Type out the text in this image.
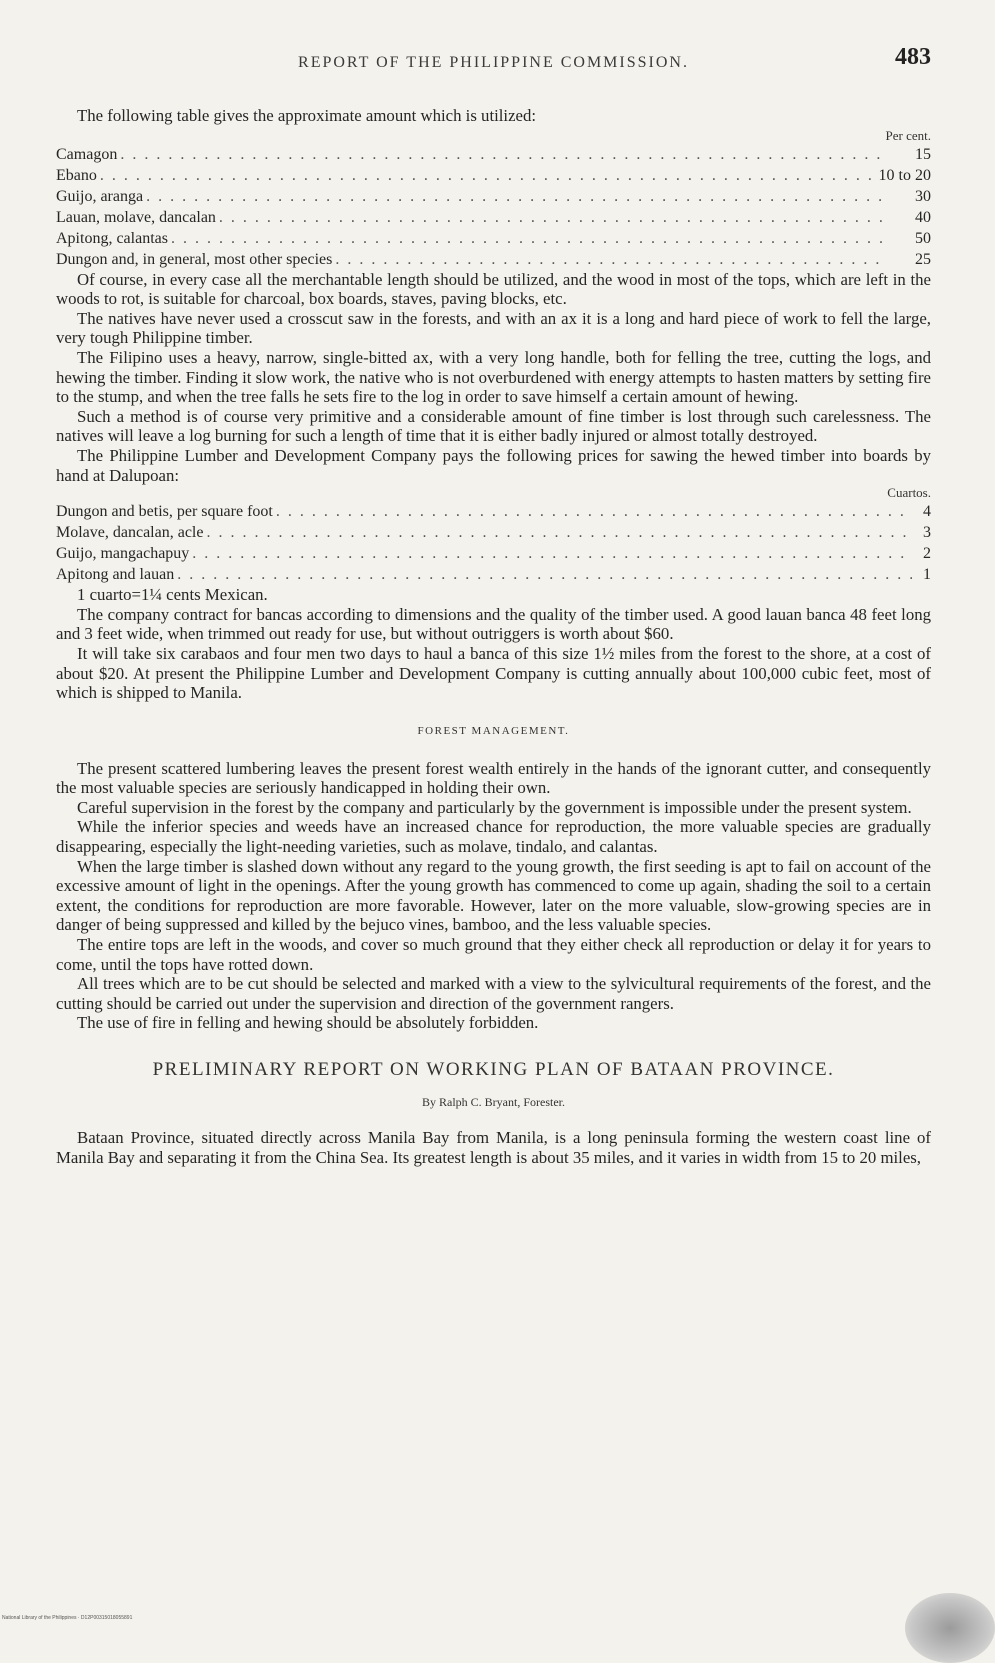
REPORT OF THE PHILIPPINE COMMISSION.	483

The following table gives the approximate amount which is utilized:

Per cent.
Camagon . . .	15
Ebano . . .	10 to 20
Guijo, aranga . . .	30
Lauan, molave, dancalan . . .	40
Apitong, calantas . . .	50
Dungon and, in general, most other species . . .	25

Of course, in every case all the merchantable length should be utilized, and the wood in most of the tops, which are left in the woods to rot, is suitable for charcoal, box boards, staves, paving blocks, etc.

The natives have never used a crosscut saw in the forests, and with an ax it is a long and hard piece of work to fell the large, very tough Philippine timber.

The Filipino uses a heavy, narrow, single-bitted ax, with a very long handle, both for felling the tree, cutting the logs, and hewing the timber. Finding it slow work, the native who is not overburdened with energy attempts to hasten matters by setting fire to the stump, and when the tree falls he sets fire to the log in order to save himself a certain amount of hewing.

Such a method is of course very primitive and a considerable amount of fine timber is lost through such carelessness. The natives will leave a log burning for such a length of time that it is either badly injured or almost totally destroyed.

The Philippine Lumber and Development Company pays the following prices for sawing the hewed timber into boards by hand at Dalupoan:

Cuartos.
Dungon and betis, per square foot . . .	4
Molave, dancalan, acle . . .	3
Guijo, mangachapuy . . .	2
Apitong and lauan . . .	1

1 cuarto=1¼ cents Mexican.

The company contract for bancas according to dimensions and the quality of the timber used. A good lauan banca 48 feet long and 3 feet wide, when trimmed out ready for use, but without outriggers is worth about $60.

It will take six carabaos and four men two days to haul a banca of this size 1½ miles from the forest to the shore, at a cost of about $20. At present the Philippine Lumber and Development Company is cutting annually about 100,000 cubic feet, most of which is shipped to Manila.

FOREST MANAGEMENT.

The present scattered lumbering leaves the present forest wealth entirely in the hands of the ignorant cutter, and consequently the most valuable species are seriously handicapped in holding their own.

Careful supervision in the forest by the company and particularly by the government is impossible under the present system.

While the inferior species and weeds have an increased chance for reproduction, the more valuable species are gradually disappearing, especially the light-needing varieties, such as molave, tindalo, and calantas.

When the large timber is slashed down without any regard to the young growth, the first seeding is apt to fail on account of the excessive amount of light in the openings. After the young growth has commenced to come up again, shading the soil to a certain extent, the conditions for reproduction are more favorable. However, later on the more valuable, slow-growing species are in danger of being suppressed and killed by the bejuco vines, bamboo, and the less valuable species.

The entire tops are left in the woods, and cover so much ground that they either check all reproduction or delay it for years to come, until the tops have rotted down.

All trees which are to be cut should be selected and marked with a view to the sylvicultural requirements of the forest, and the cutting should be carried out under the supervision and direction of the government rangers.

The use of fire in felling and hewing should be absolutely forbidden.

PRELIMINARY REPORT ON WORKING PLAN OF BATAAN PROVINCE.
By Ralph C. Bryant, Forester.

Bataan Province, situated directly across Manila Bay from Manila, is a long peninsula forming the western coast line of Manila Bay and separating it from the China Sea. Its greatest length is about 35 miles, and it varies in width from 15 to 20 miles,

National Library of the Philippines · D12P00315018055891
